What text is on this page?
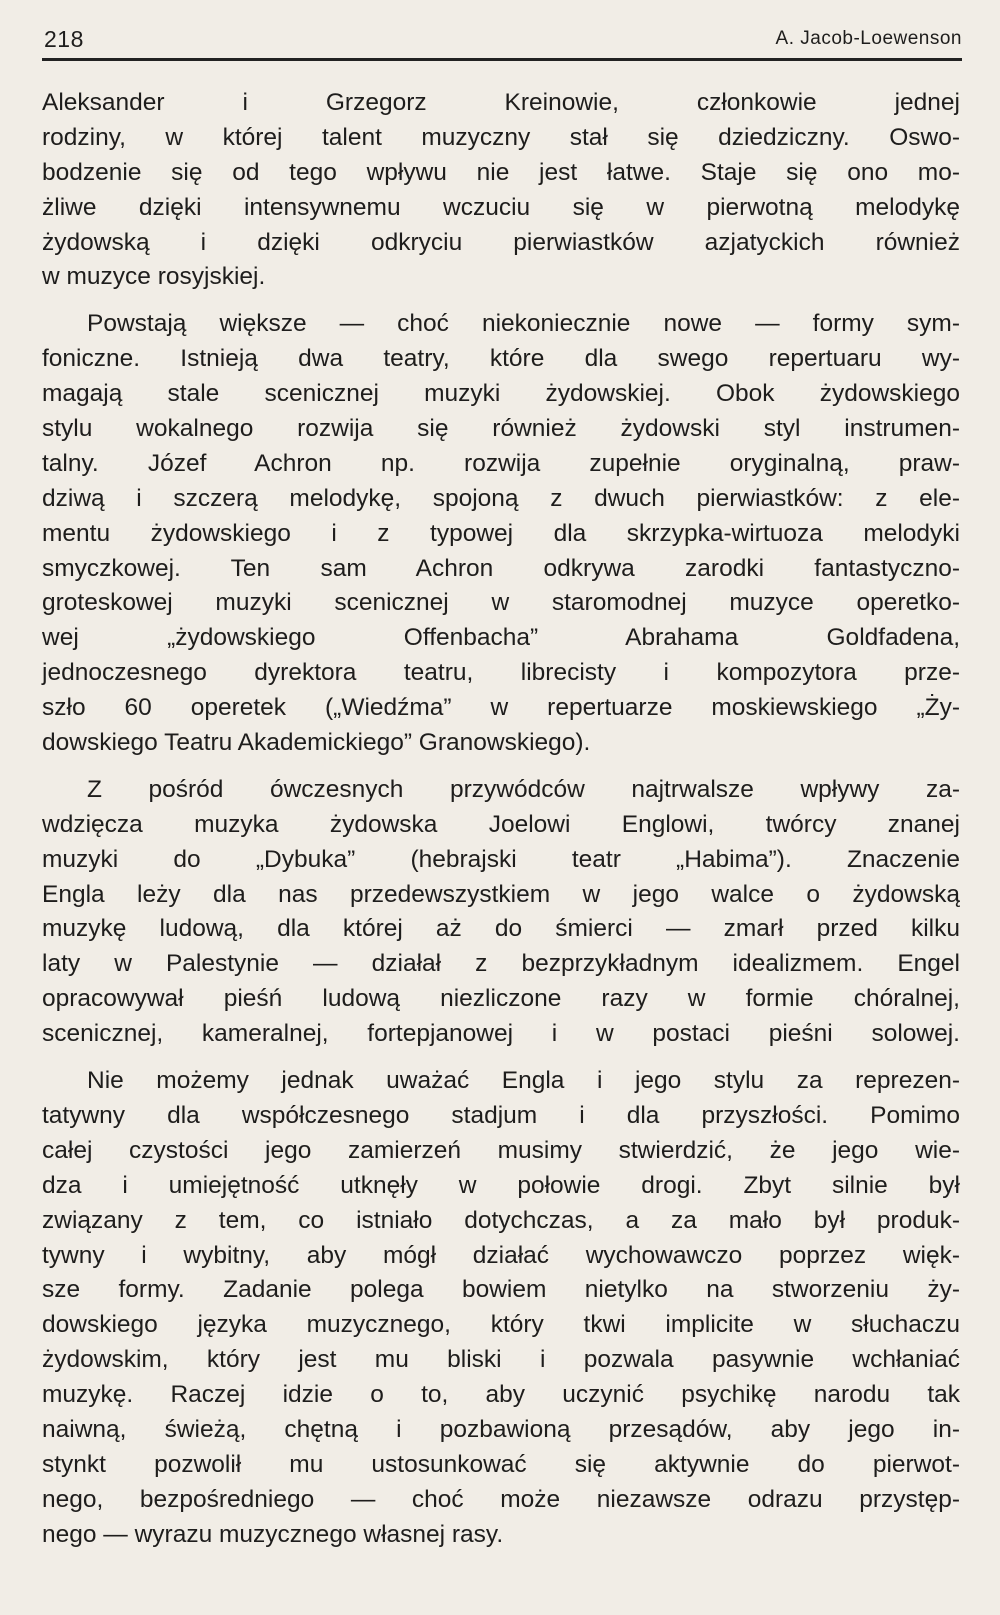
218	A. Jacob-Loewenson
Aleksander i Grzegorz Kreinowie, członkowie jednej
rodziny, w której talent muzyczny stał się dziedziczny. Oswo-
bodzenie się od tego wpływu nie jest łatwe. Staje się ono mo-
żliwe dzięki intensywnemu wczuciu się w pierwotną melodykę
żydowską i dzięki odkryciu pierwiastków azjatyckich również
w muzyce rosyjskiej.
Powstają większe — choć niekoniecznie nowe — formy sym-
foniczne. Istnieją dwa teatry, które dla swego repertuaru wy-
magają stale scenicznej muzyki żydowskiej. Obok żydowskiego
stylu wokalnego rozwija się również żydowski styl instrumen-
talny. Józef Achron np. rozwija zupełnie oryginalną, praw-
dziwą i szczerą melodykę, spojoną z dwuch pierwiastków: z ele-
mentu żydowskiego i z typowej dla skrzypka-wirtuoza melodyki
smyczkowej. Ten sam Achron odkrywa zarodki fantastyczno-
groteskowej muzyki scenicznej w staromodnej muzyce operetko-
wej „żydowskiego Offenbacha” Abrahama Goldfadena,
jednoczesnego dyrektora teatru, librecisty i kompozytora prze-
szło 60 operetek („Wiedźma” w repertuarze moskiewskiego „Ży-
dowskiego Teatru Akademickiego” Granowskiego).
Z pośród ówczesnych przywódców najtrwalsze wpływy za-
wdzięcza muzyka żydowska Joelowi Englowi, twórcy znanej
muzyki do „Dybuka” (hebrajski teatr „Habima”). Znaczenie
Engla leży dla nas przedewszystkiem w jego walce o żydowską
muzykę ludową, dla której aż do śmierci — zmarł przed kilku
laty w Palestynie — działał z bezprzykładnym idealizmem. Engel
opracowywał pieśń ludową niezliczone razy w formie chóralnej,
scenicznej, kameralnej, fortepjanowej i w postaci pieśni solowej.
Nie możemy jednak uważać Engla i jego stylu za reprezen-
tatywny dla współczesnego stadjum i dla przyszłości. Pomimo
całej czystości jego zamierzeń musimy stwierdzić, że jego wie-
dza i umiejętność utknęły w połowie drogi. Zbyt silnie był
związany z tem, co istniało dotychczas, a za mało był produk-
tywny i wybitny, aby mógł działać wychowawczo poprzez więk-
sze formy. Zadanie polega bowiem nietylko na stworzeniu ży-
dowskiego języka muzycznego, który tkwi implicite w słuchaczu
żydowskim, który jest mu bliski i pozwala pasywnie wchłaniać
muzykę. Raczej idzie o to, aby uczynić psychikę narodu tak
naiwną, świeżą, chętną i pozbawioną przesądów, aby jego in-
stynkt pozwolił mu ustosunkować się aktywnie do pierwot-
nego, bezpośredniego — choć może niezawsze odrazu przystęp-
nego — wyrazu muzycznego własnej rasy.
